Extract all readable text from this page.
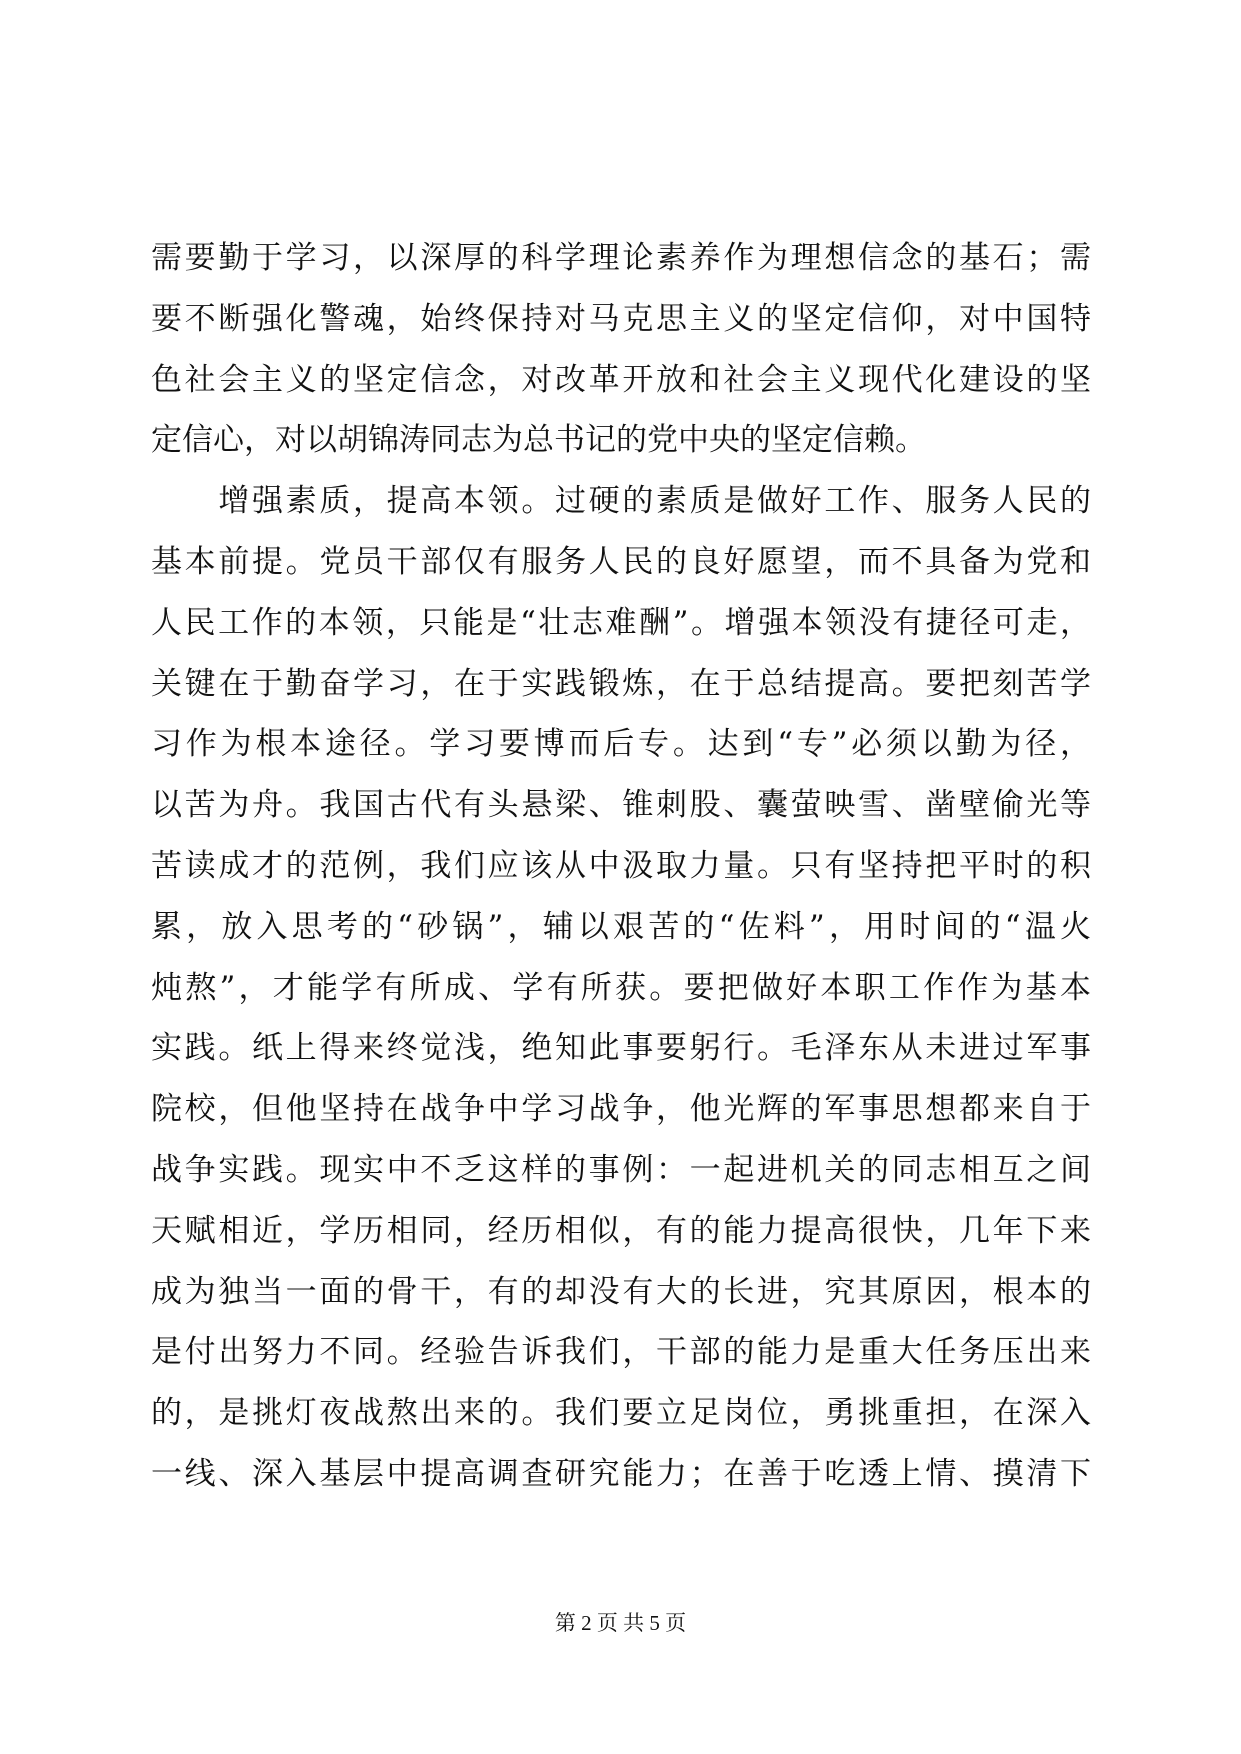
需要勤于学习，以深厚的科学理论素养作为理想信念的基石；需
要不断强化警魂，始终保持对马克思主义的坚定信仰，对中国特
色社会主义的坚定信念，对改革开放和社会主义现代化建设的坚
定信心，对以胡锦涛同志为总书记的党中央的坚定信赖。
　　增强素质，提高本领。过硬的素质是做好工作、服务人民的
基本前提。党员干部仅有服务人民的良好愿望，而不具备为党和
人民工作的本领，只能是“壮志难酬”。增强本领没有捷径可走，
关键在于勤奋学习，在于实践锻炼，在于总结提高。要把刻苦学
习作为根本途径。学习要博而后专。达到“专”必须以勤为径，
以苦为舟。我国古代有头悬梁、锥刺股、囊萤映雪、凿壁偷光等
苦读成才的范例，我们应该从中汲取力量。只有坚持把平时的积
累，放入思考的“砂锅”，辅以艰苦的“佐料”，用时间的“温火
炖熬”，才能学有所成、学有所获。要把做好本职工作作为基本
实践。纸上得来终觉浅，绝知此事要躬行。毛泽东从未进过军事
院校，但他坚持在战争中学习战争，他光辉的军事思想都来自于
战争实践。现实中不乏这样的事例：一起进机关的同志相互之间
天赋相近，学历相同，经历相似，有的能力提高很快，几年下来
成为独当一面的骨干，有的却没有大的长进，究其原因，根本的
是付出努力不同。经验告诉我们，干部的能力是重大任务压出来
的，是挑灯夜战熬出来的。我们要立足岗位，勇挑重担，在深入
一线、深入基层中提高调查研究能力；在善于吃透上情、摸清下
第 2 页 共 5 页
